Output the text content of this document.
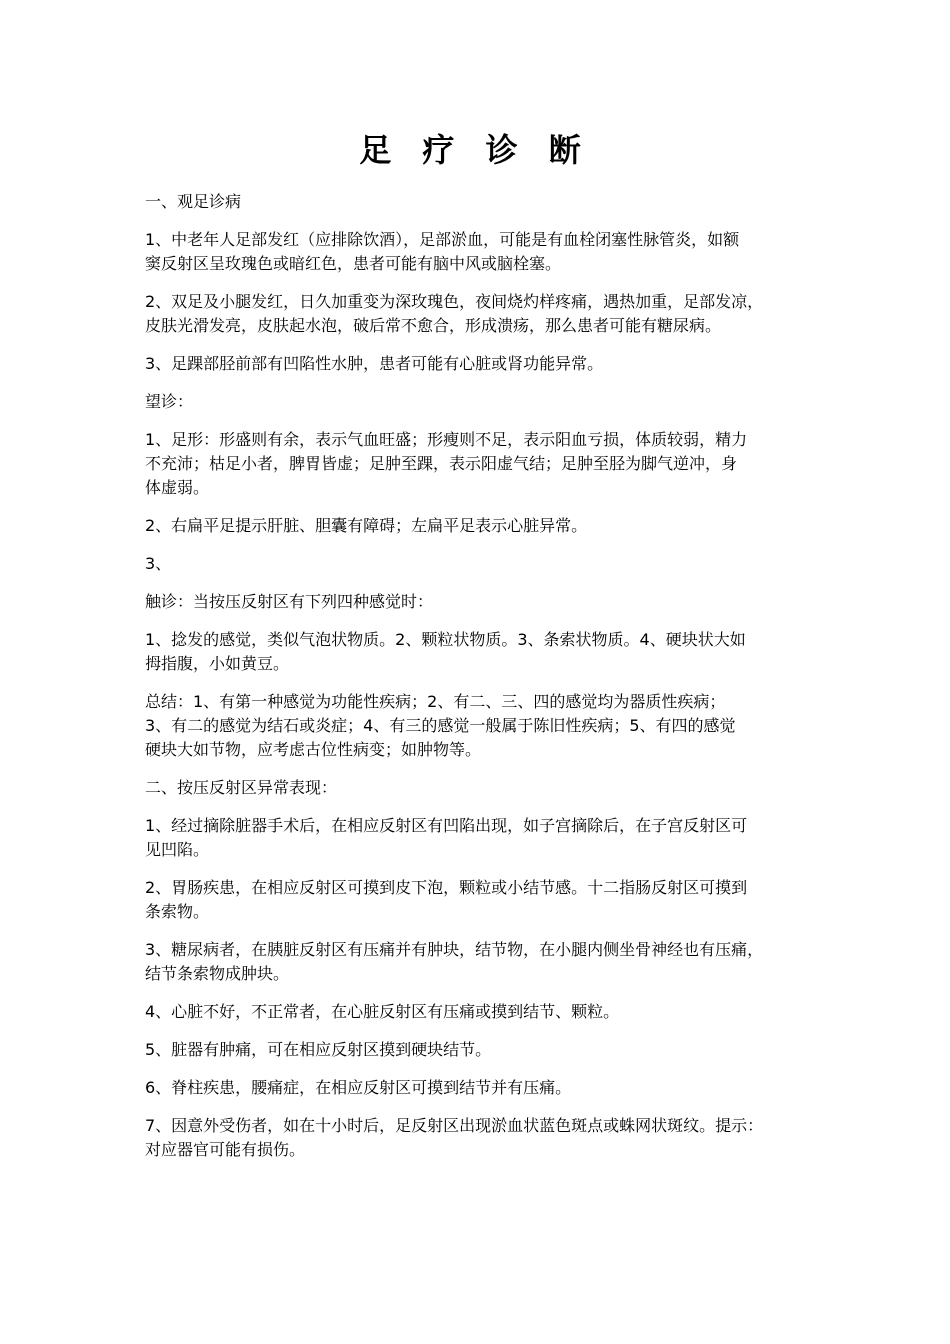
足 疗 诊 断

一、观足诊病

1、中老年人足部发红（应排除饮酒），足部淤血，可能是有血栓闭塞性脉管炎，如额
窦反射区呈玫瑰色或暗红色，患者可能有脑中风或脑栓塞。

2、双足及小腿发红，日久加重变为深玫瑰色，夜间烧灼样疼痛，遇热加重，足部发凉，
皮肤光滑发亮，皮肤起水泡，破后常不愈合，形成溃疡，那么患者可能有糖尿病。

3、足踝部胫前部有凹陷性水肿，患者可能有心脏或肾功能异常。

望诊：

1、足形：形盛则有余，表示气血旺盛；形瘦则不足，表示阳血亏损，体质较弱，精力
不充沛；枯足小者，脾胃皆虚；足肿至踝，表示阳虚气结；足肿至胫为脚气逆冲，身
体虚弱。

2、右扁平足提示肝脏、胆囊有障碍；左扁平足表示心脏异常。

3、

触诊：当按压反射区有下列四种感觉时：

1、捻发的感觉，类似气泡状物质。2、颗粒状物质。3、条索状物质。4、硬块状大如
拇指腹，小如黄豆。

总结：1、有第一种感觉为功能性疾病；2、有二、三、四的感觉均为器质性疾病；
3、有二的感觉为结石或炎症；4、有三的感觉一般属于陈旧性疾病；5、有四的感觉
硬块大如节物，应考虑古位性病变；如肿物等。

二、按压反射区异常表现：

1、经过摘除脏器手术后，在相应反射区有凹陷出现，如子宫摘除后，在子宫反射区可
见凹陷。

2、胃肠疾患，在相应反射区可摸到皮下泡，颗粒或小结节感。十二指肠反射区可摸到
条索物。

3、糖尿病者，在胰脏反射区有压痛并有肿块，结节物，在小腿内侧坐骨神经也有压痛，
结节条索物成肿块。

4、心脏不好，不正常者，在心脏反射区有压痛或摸到结节、颗粒。

5、脏器有肿痛，可在相应反射区摸到硬块结节。

6、脊柱疾患，腰痛症，在相应反射区可摸到结节并有压痛。

7、因意外受伤者，如在十小时后，足反射区出现淤血状蓝色斑点或蛛网状斑纹。提示：
对应器官可能有损伤。
